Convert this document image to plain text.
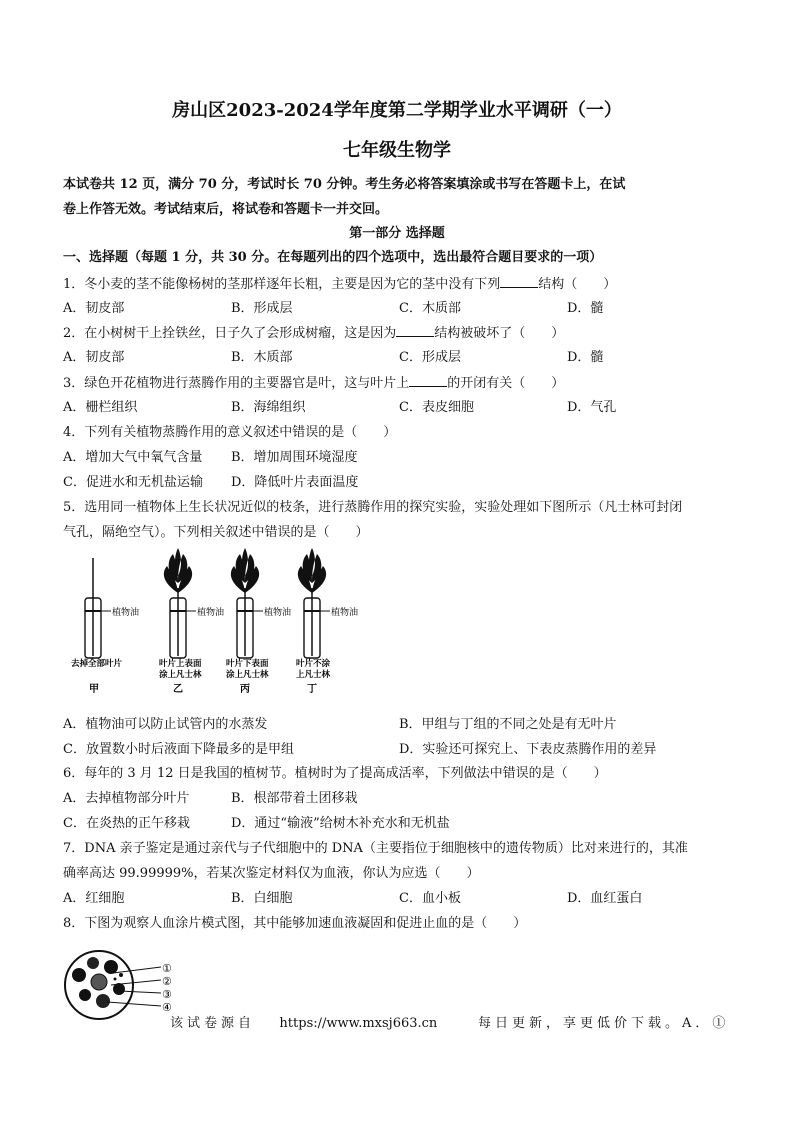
房山区2023-2024学年度第二学期学业水平调研（一）
七年级生物学
本试卷共 12 页，满分 70 分，考试时长 70 分钟。考生务必将答案填涂或书写在答题卡上，在试
卷上作答无效。考试结束后，将试卷和答题卡一并交回。
第一部分 选择题
一、选择题（每题 1 分，共 30 分。在每题列出的四个选项中，选出最符合题目要求的一项）
1．冬小麦的茎不能像杨树的茎那样逐年长粗，主要是因为它的茎中没有下列	结构（　　）
A．韧皮部	B．形成层	C．木质部	D．髓
2．在小树树干上拴铁丝，日子久了会形成树瘤，这是因为	结构被破坏了（　　）
A．韧皮部	B．木质部	C．形成层	D．髓
3．绿色开花植物进行蒸腾作用的主要器官是叶，这与叶片上	的开闭有关（　　）
A．栅栏组织	B．海绵组织	C．表皮细胞	D．气孔
4．下列有关植物蒸腾作用的意义叙述中错误的是（　　）
A．增加大气中氧气含量 B．增加周围环境湿度
C．促进水和无机盐运输 D．降低叶片表面温度
5．选用同一植物体上生长状况近似的枝条，进行蒸腾作用的探究实验，实验处理如下图所示（凡士林可封闭
气孔，隔绝空气）。下列相关叙述中错误的是（　　）
植物油	植物油	植物油	植物油
去掉全部叶片	叶片上表面
涂上凡士林
叶片下表面
涂上凡士林
叶片不涂
上凡士林
甲	乙	丙	丁
A．植物油可以防止试管内的水蒸发	B．甲组与丁组的不同之处是有无叶片
C．放置数小时后液面下降最多的是甲组	D．实验还可探究上、下表皮蒸腾作用的差异
6．每年的 3 月 12 日是我国的植树节。植树时为了提高成活率，下列做法中错误的是（　　）
A．去掉植物部分叶片	B．根部带着土团移栽
C．在炎热的正午移栽	D．通过“输液”给树木补充水和无机盐
7．DNA 亲子鉴定是通过亲代与子代细胞中的 DNA（主要指位于细胞核中的遗传物质）比对来进行的，其准
确率高达 99.99999%，若某次鉴定材料仅为血液，你认为应选（　　）
A．红细胞	B．白细胞	C．血小板	D．血红蛋白
8．下图为观察人血涂片模式图，其中能够加速血液凝固和促进止血的是（　　）
①
②
③
④
该试卷源自 https://www.mxsj663.cn	每日更新，享更低价下载。A．①
